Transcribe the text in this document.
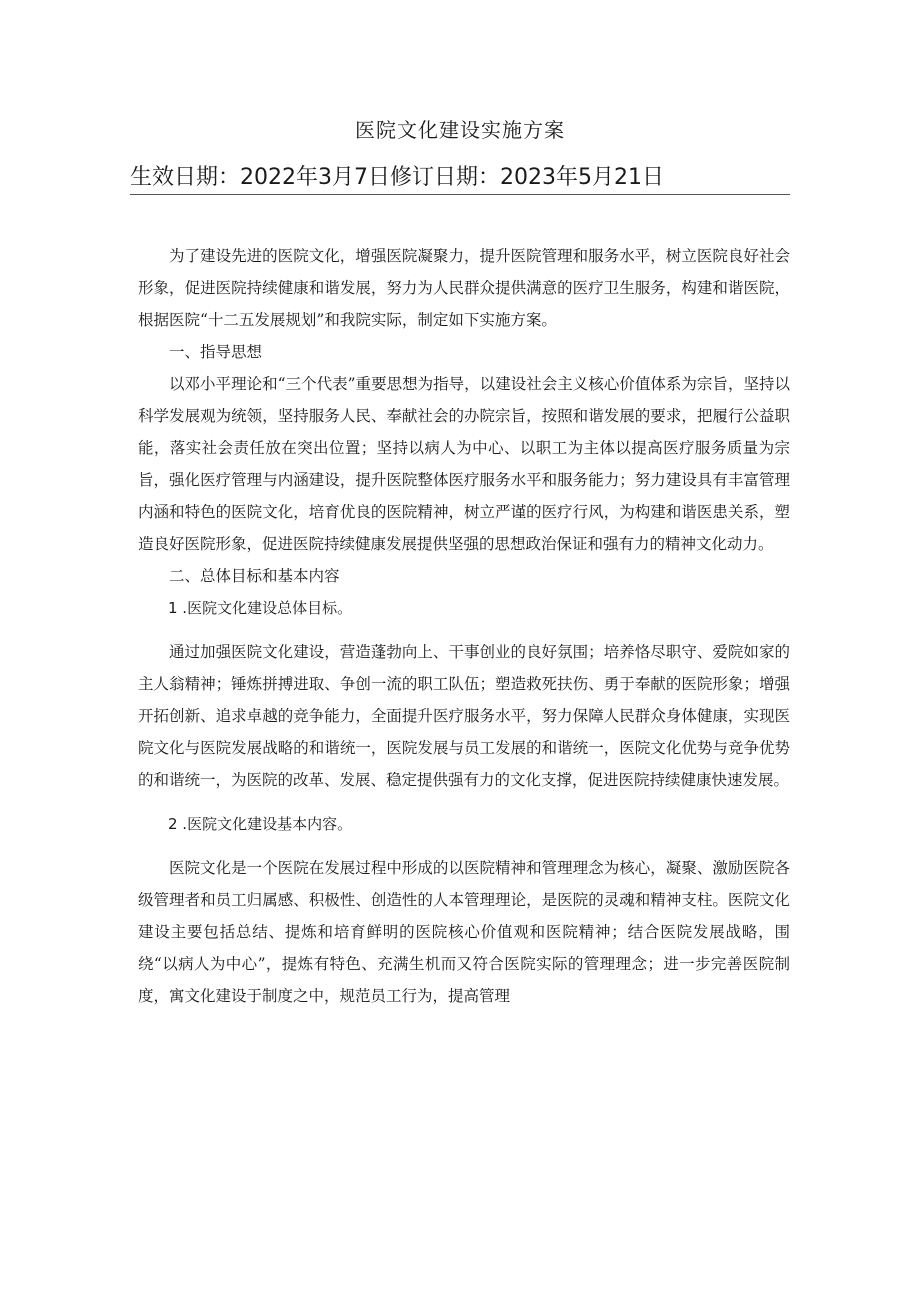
医院文化建设实施方案
生效日期：2022年3月7日修订日期：2023年5月21日

为了建设先进的医院文化，增强医院凝聚力，提升医院管理和服务水平，树立医院良好社会形象，促进医院持续健康和谐发展，努力为人民群众提供满意的医疗卫生服务，构建和谐医院，根据医院“十二五发展规划”和我院实际，制定如下实施方案。

一、指导思想

以邓小平理论和“三个代表”重要思想为指导，以建设社会主义核心价值体系为宗旨，坚持以科学发展观为统领，坚持服务人民、奉献社会的办院宗旨，按照和谐发展的要求，把履行公益职能，落实社会责任放在突出位置；坚持以病人为中心、以职工为主体以提高医疗服务质量为宗旨，强化医疗管理与内涵建设，提升医院整体医疗服务水平和服务能力；努力建设具有丰富管理内涵和特色的医院文化，培育优良的医院精神，树立严谨的医疗行风，为构建和谐医患关系，塑造良好医院形象，促进医院持续健康发展提供坚强的思想政治保证和强有力的精神文化动力。

二、总体目标和基本内容

1 .医院文化建设总体目标。

通过加强医院文化建设，营造蓬勃向上、干事创业的良好氛围；培养恪尽职守、爱院如家的主人翁精神；锤炼拼搏进取、争创一流的职工队伍；塑造救死扶伤、勇于奉献的医院形象；增强开拓创新、追求卓越的竞争能力，全面提升医疗服务水平，努力保障人民群众身体健康，实现医院文化与医院发展战略的和谐统一，医院发展与员工发展的和谐统一，医院文化优势与竞争优势的和谐统一，为医院的改革、发展、稳定提供强有力的文化支撑，促进医院持续健康快速发展。

2 .医院文化建设基本内容。

医院文化是一个医院在发展过程中形成的以医院精神和管理理念为核心，凝聚、激励医院各级管理者和员工归属感、积极性、创造性的人本管理理论，是医院的灵魂和精神支柱。医院文化建设主要包括总结、提炼和培育鲜明的医院核心价值观和医院精神；结合医院发展战略，围绕“以病人为中心”，提炼有特色、充满生机而又符合医院实际的管理理念；进一步完善医院制度，寓文化建设于制度之中，规范员工行为，提高管理
